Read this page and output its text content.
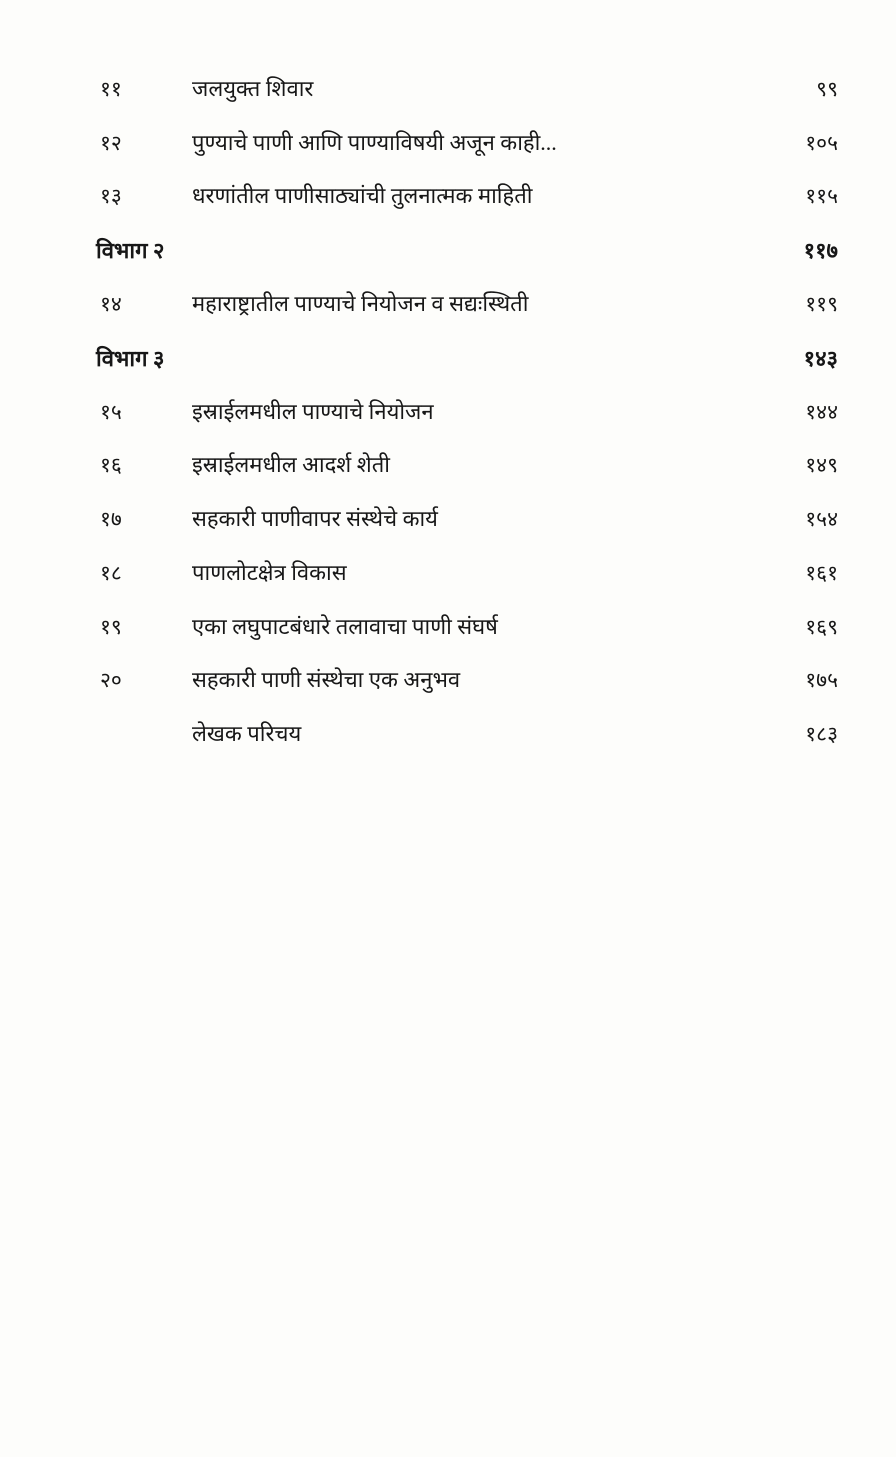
११	जलयुक्त शिवार	९९
१२	पुण्याचे पाणी आणि पाण्याविषयी अजून काही...	१०५
१३	धरणांतील पाणीसाठ्यांची तुलनात्मक माहिती	११५
विभाग २		११७
१४	महाराष्ट्रातील पाण्याचे नियोजन व सद्यःस्थिती	११९
विभाग ३		१४३
१५	इस्राईलमधील पाण्याचे नियोजन	१४४
१६	इस्राईलमधील आदर्श शेती	१४९
१७	सहकारी पाणीवापर संस्थेचे कार्य	१५४
१८	पाणलोटक्षेत्र विकास	१६१
१९	एका लघुपाटबंधारे तलावाचा पाणी संघर्ष	१६९
२०	सहकारी पाणी संस्थेचा एक अनुभव	१७५
	लेखक परिचय	१८३
